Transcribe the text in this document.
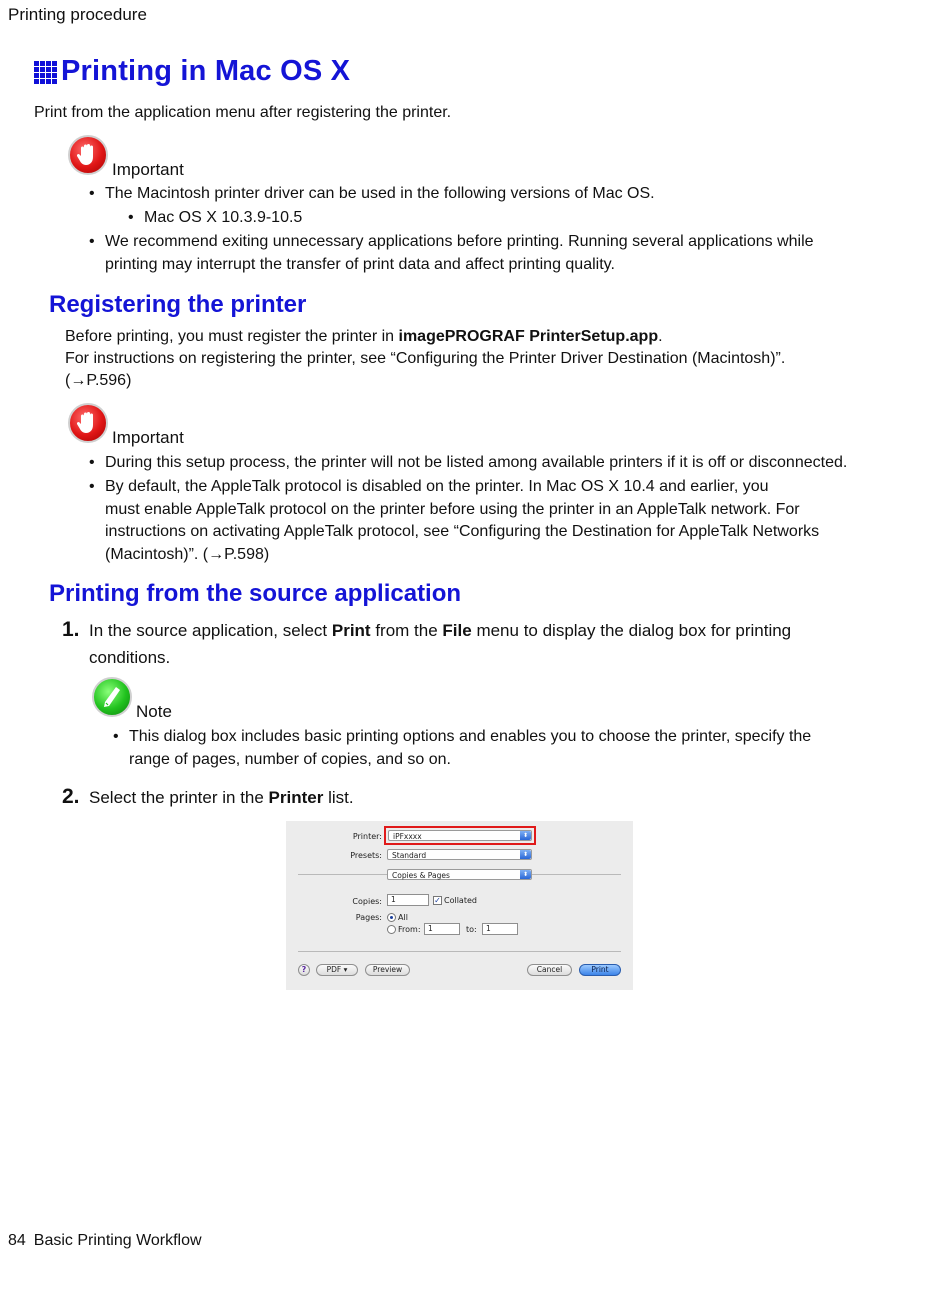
Printing procedure
Printing in Mac OS X
Print from the application menu after registering the printer.
Important
• The Macintosh printer driver can be used in the following versions of Mac OS.
• Mac OS X 10.3.9-10.5
• We recommend exiting unnecessary applications before printing. Running several applications while
printing may interrupt the transfer of print data and affect printing quality.
Registering the printer
Before printing, you must register the printer in imagePROGRAF PrinterSetup.app.
For instructions on registering the printer, see “Configuring the Printer Driver Destination (Macintosh)”.
(→P.596)
Important
• During this setup process, the printer will not be listed among available printers if it is off or disconnected.
• By default, the AppleTalk protocol is disabled on the printer. In Mac OS X 10.4 and earlier, you
must enable AppleTalk protocol on the printer before using the printer in an AppleTalk network. For
instructions on activating AppleTalk protocol, see “Configuring the Destination for AppleTalk Networks
(Macintosh)”. (→P.598)
Printing from the source application
1. In the source application, select Print from the File menu to display the dialog box for printing
conditions.
Note
• This dialog box includes basic printing options and enables you to choose the printer, specify the
range of pages, number of copies, and so on.
2. Select the printer in the Printer list.
Printer:	iPFxxxx	⬍
Presets:	Standard	⬍
Copies & Pages	⬍
Copies:	1	✓ Collated
Pages: All
From: 1	to:	1
?	PDF ▾	Preview	Cancel	Print
84 Basic Printing Workflow
